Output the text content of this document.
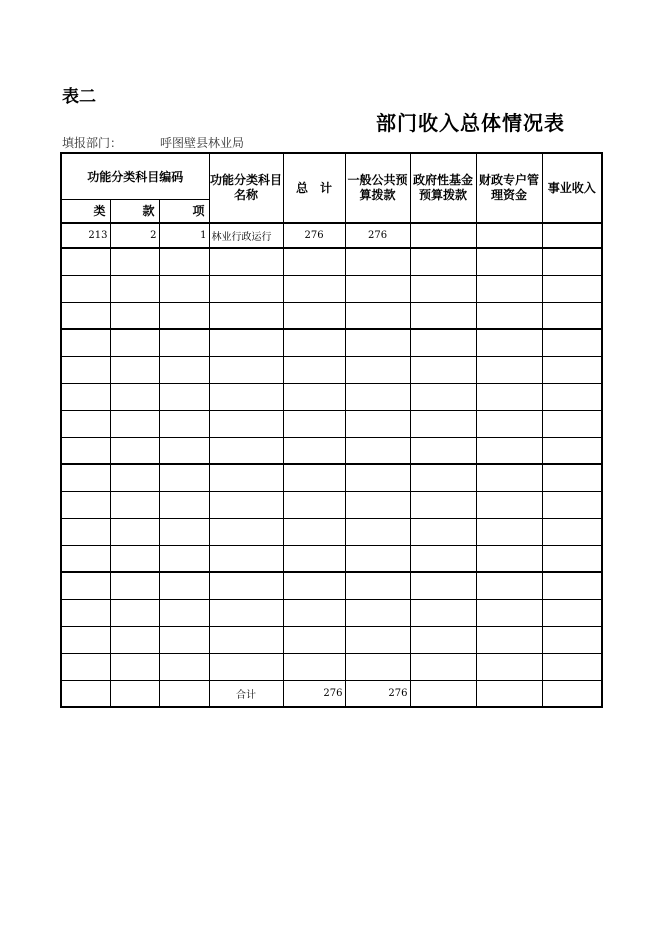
表二
部门收入总体情况表
填报部门：	呼图壁县林业局
功能分类科目编码			功能分类科目名称	总　计	一般公共预算拨款	政府性基金预算拨款	财政专户管理资金	事业收入
类	款	项						
213	2	1	林业行政运行	276	276			

			合计	276	276			
